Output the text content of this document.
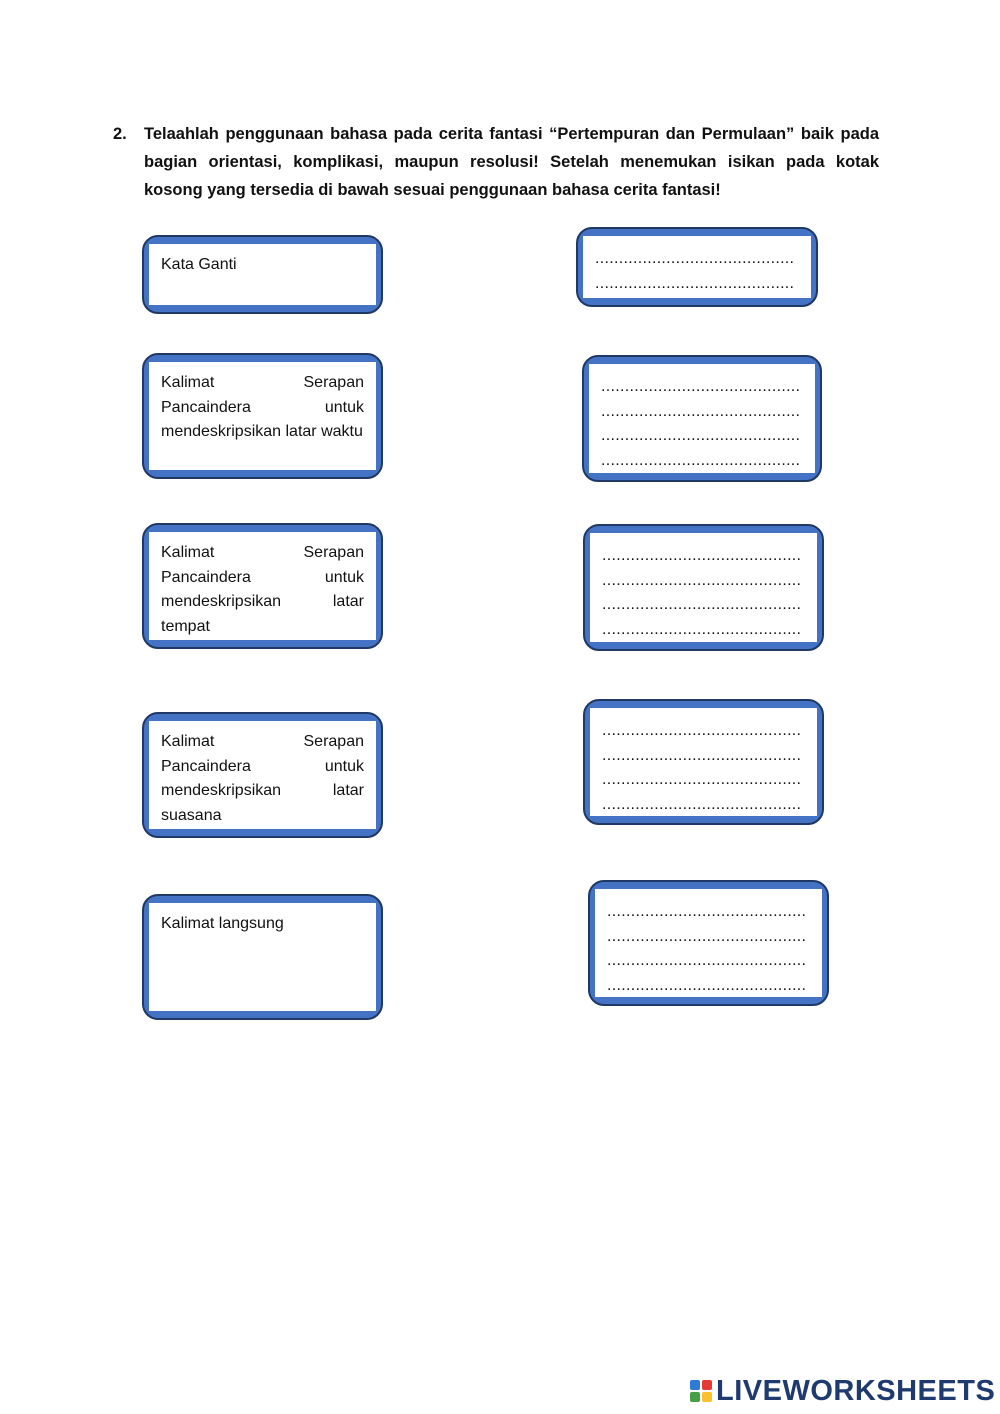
2. Telaahlah penggunaan bahasa pada cerita fantasi “Pertempuran dan Permulaan” baik pada bagian orientasi, komplikasi, maupun resolusi! Setelah menemukan isikan pada kotak kosong yang tersedia di bawah sesuai penggunaan bahasa cerita fantasi!
Kata Ganti
Kalimat Serapan Pancaindera untuk mendeskripsikan latar waktu
Kalimat Serapan Pancaindera untuk mendeskripsikan latar tempat
Kalimat Serapan Pancaindera untuk mendeskripsikan latar suasana
Kalimat langsung
..........................................
..........................................
..........................................
..........................................
..........................................
..........................................
..........................................
..........................................
..........................................
..........................................
..........................................
..........................................
..........................................
..........................................
..........................................
..........................................
..........................................
..........................................
LIVEWORKSHEETS
